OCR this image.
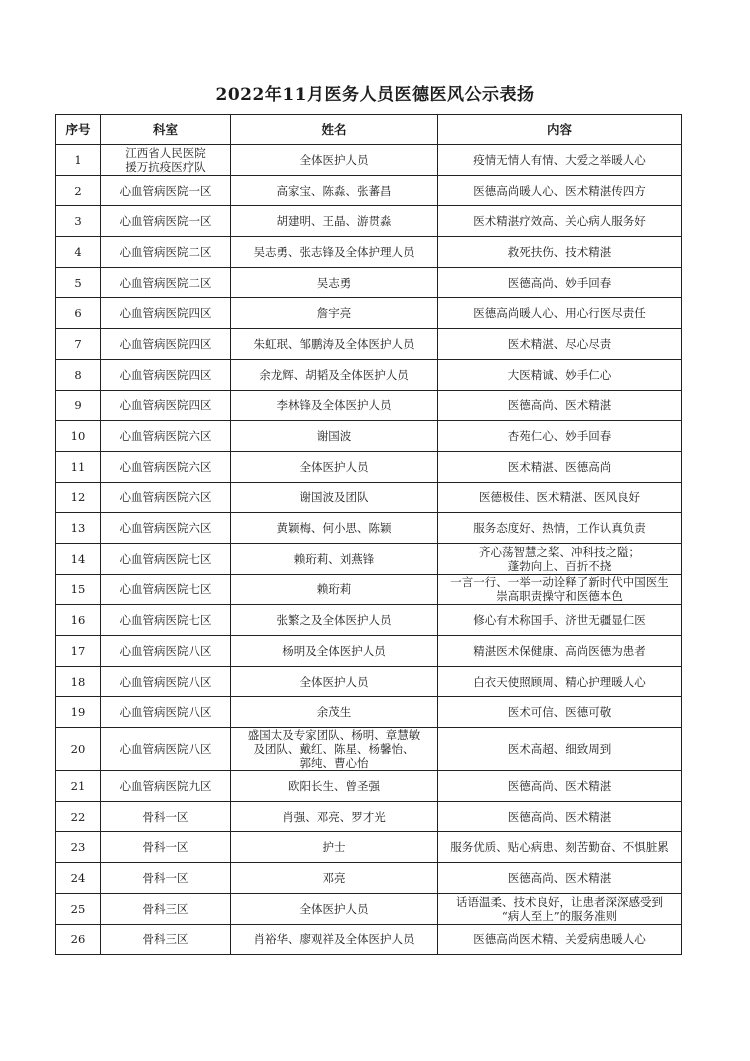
2022年11月医务人员医德医风公示表扬
序号	科室	姓名	内容
1	江西省人民医院
援万抗疫医疗队	全体医护人员	疫情无情人有情、大爱之举暖人心
2	心血管病医院一区	高家宝、陈淼、张蕃昌	医德高尚暖人心、医术精湛传四方
3	心血管病医院一区	胡建明、王晶、游贯淼	医术精湛疗效高、关心病人服务好
4	心血管病医院二区	吴志勇、张志锋及全体护理人员	救死扶伤、技术精湛
5	心血管病医院二区	吴志勇	医德高尚、妙手回春
6	心血管病医院四区	詹宇亮	医德高尚暖人心、用心行医尽责任
7	心血管病医院四区	朱虹珉、邹鹏涛及全体医护人员	医术精湛、尽心尽责
8	心血管病医院四区	余龙辉、胡韬及全体医护人员	大医精诚、妙手仁心
9	心血管病医院四区	李林锋及全体医护人员	医德高尚、医术精湛
10	心血管病医院六区	谢国波	杏苑仁心、妙手回春
11	心血管病医院六区	全体医护人员	医术精湛、医德高尚
12	心血管病医院六区	谢国波及团队	医德极佳、医术精湛、医风良好
13	心血管病医院六区	黄颖梅、何小思、陈颖	服务态度好、热情，工作认真负责
14	心血管病医院七区	赖珩莉、刘燕锋	齐心荡智慧之桨、冲科技之隘；
蓬勃向上、百折不挠
15	心血管病医院七区	赖珩莉	一言一行、一举一动诠释了新时代中国医生
崇高职责操守和医德本色
16	心血管病医院七区	张繁之及全体医护人员	修心有术称国手、济世无疆显仁医
17	心血管病医院八区	杨明及全体医护人员	精湛医术保健康、高尚医德为患者
18	心血管病医院八区	全体医护人员	白衣天使照顾周、精心护理暖人心
19	心血管病医院八区	余茂生	医术可信、医德可敬
20	心血管病医院八区	盛国太及专家团队、杨明、章慧敏
及团队、戴红、陈星、杨馨怡、
郭纯、曹心怡	医术高超、细致周到
21	心血管病医院九区	欧阳长生、曾圣强	医德高尚、医术精湛
22	骨科一区	肖强、邓亮、罗才光	医德高尚、医术精湛
23	骨科一区	护士	服务优质、贴心病患、刻苦勤奋、不惧脏累
24	骨科一区	邓亮	医德高尚、医术精湛
25	骨科三区	全体医护人员	话语温柔、技术良好，让患者深深感受到
“病人至上”的服务准则
26	骨科三区	肖裕华、廖观祥及全体医护人员	医德高尚医术精、关爱病患暖人心
